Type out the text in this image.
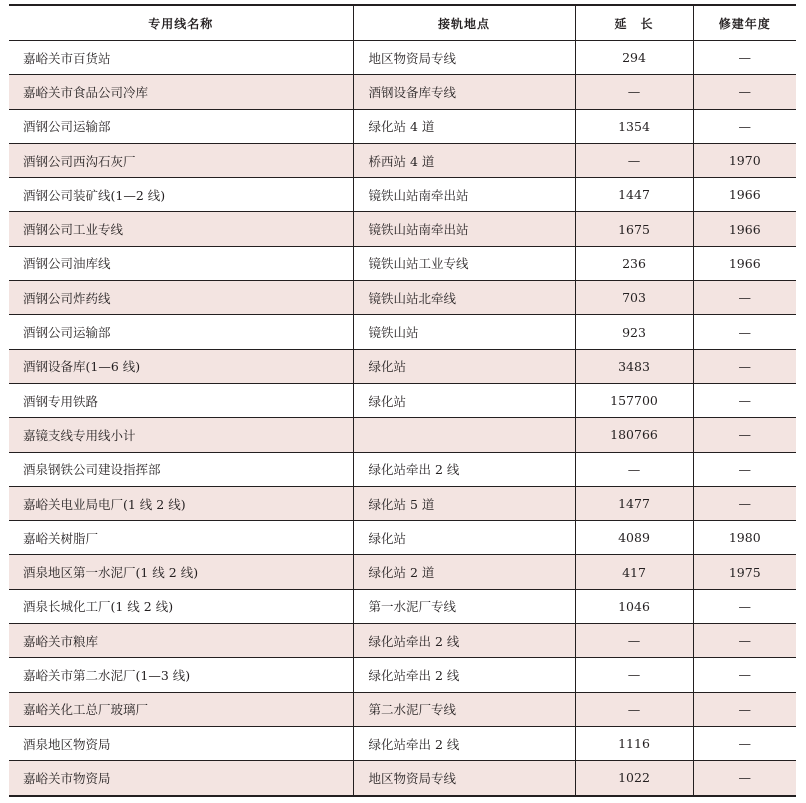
专用线名称	接轨地点	延　长	修建年度
嘉峪关市百货站	地区物资局专线	294	—
嘉峪关市食品公司冷库	酒钢设备库专线	—	—
酒钢公司运输部	绿化站 4 道	1354	—
酒钢公司西沟石灰厂	桥西站 4 道	—	1970
酒钢公司装矿线(1—2 线)	镜铁山站南牵出站	1447	1966
酒钢公司工业专线	镜铁山站南牵出站	1675	1966
酒钢公司油库线	镜铁山站工业专线	236	1966
酒钢公司炸药线	镜铁山站北牵线	703	—
酒钢公司运输部	镜铁山站	923	—
酒钢设备库(1—6 线)	绿化站	3483	—
酒钢专用铁路	绿化站	157700	—
嘉镜支线专用线小计		180766	—
酒泉钢铁公司建设指挥部	绿化站牵出 2 线	—	—
嘉峪关电业局电厂(1 线 2 线)	绿化站 5 道	1477	—
嘉峪关树脂厂	绿化站	4089	1980
酒泉地区第一水泥厂(1 线 2 线)	绿化站 2 道	417	1975
酒泉长城化工厂(1 线 2 线)	第一水泥厂专线	1046	—
嘉峪关市粮库	绿化站牵出 2 线	—	—
嘉峪关市第二水泥厂(1—3 线)	绿化站牵出 2 线	—	—
嘉峪关化工总厂玻璃厂	第二水泥厂专线	—	—
酒泉地区物资局	绿化站牵出 2 线	1116	—
嘉峪关市物资局	地区物资局专线	1022	—
